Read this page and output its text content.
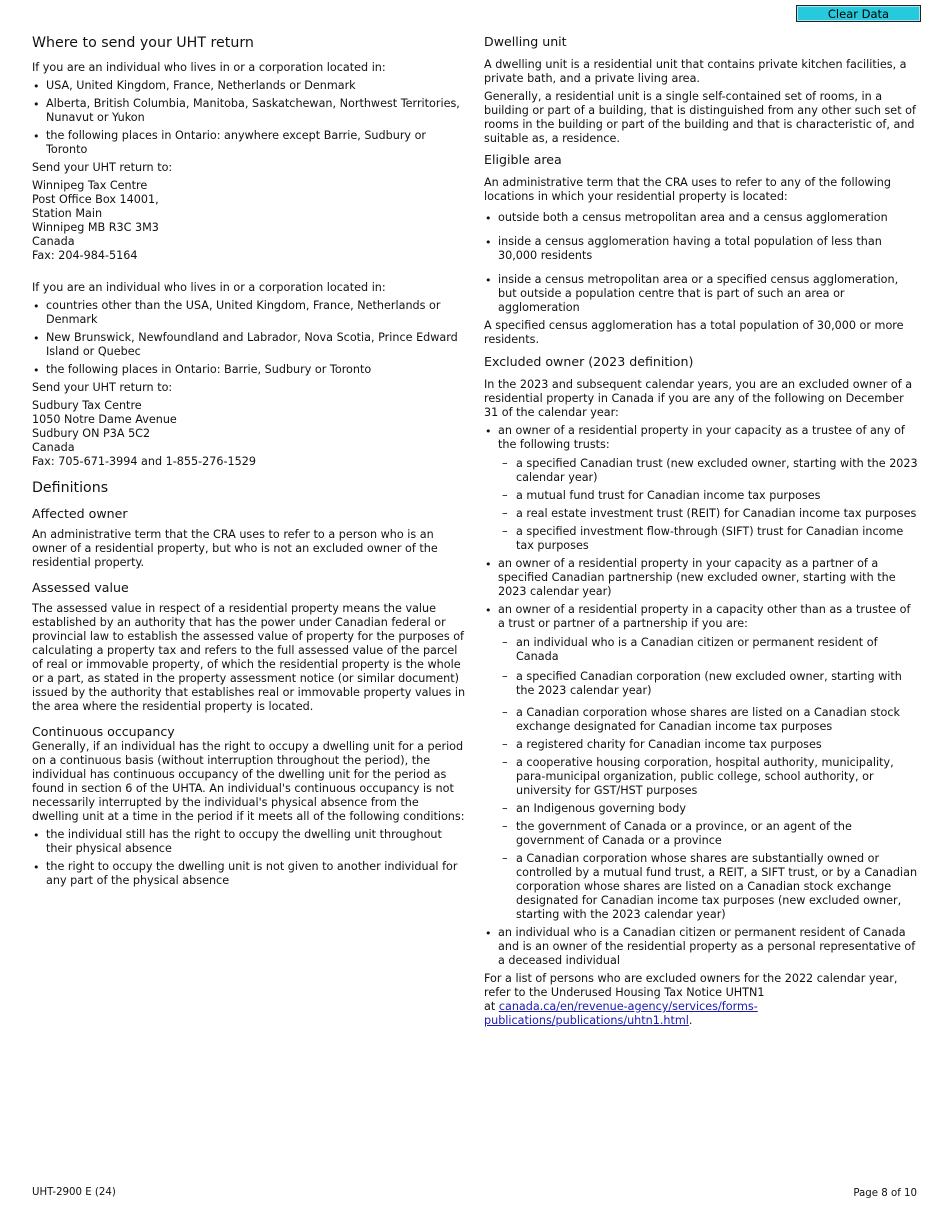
Clear Data
Where to send your UHT return

If you are an individual who lives in or a corporation located in:

• USA, United Kingdom, France, Netherlands or Denmark
• Alberta, British Columbia, Manitoba, Saskatchewan, Northwest Territories, Nunavut or Yukon
• the following places in Ontario: anywhere except Barrie, Sudbury or Toronto

Send your UHT return to:

Winnipeg Tax Centre
Post Office Box 14001,
Station Main
Winnipeg MB R3C 3M3
Canada
Fax: 204-984-5164

If you are an individual who lives in or a corporation located in:

• countries other than the USA, United Kingdom, France, Netherlands or Denmark
• New Brunswick, Newfoundland and Labrador, Nova Scotia, Prince Edward Island or Quebec
• the following places in Ontario: Barrie, Sudbury or Toronto

Send your UHT return to:

Sudbury Tax Centre
1050 Notre Dame Avenue
Sudbury ON P3A 5C2
Canada
Fax: 705-671-3994 and 1-855-276-1529
Definitions
Affected owner

An administrative term that the CRA uses to refer to a person who is an owner of a residential property, but who is not an excluded owner of the residential property.

Assessed value

The assessed value in respect of a residential property means the value established by an authority that has the power under Canadian federal or provincial law to establish the assessed value of property for the purposes of calculating a property tax and refers to the full assessed value of the parcel of real or immovable property, of which the residential property is the whole or a part, as stated in the property assessment notice (or similar document) issued by the authority that establishes real or immovable property values in the area where the residential property is located.

Continuous occupancy

Generally, if an individual has the right to occupy a dwelling unit for a period on a continuous basis (without interruption throughout the period), the individual has continuous occupancy of the dwelling unit for the period as found in section 6 of the UHTA. An individual's continuous occupancy is not necessarily interrupted by the individual's physical absence from the dwelling unit at a time in the period if it meets all of the following conditions:

• the individual still has the right to occupy the dwelling unit throughout their physical absence
• the right to occupy the dwelling unit is not given to another individual for any part of the physical absence
Dwelling unit

A dwelling unit is a residential unit that contains private kitchen facilities, a private bath, and a private living area.

Generally, a residential unit is a single self-contained set of rooms, in a building or part of a building, that is distinguished from any other such set of rooms in the building or part of the building and that is characteristic of, and suitable as, a residence.

Eligible area

An administrative term that the CRA uses to refer to any of the following locations in which your residential property is located:

• outside both a census metropolitan area and a census agglomeration
• inside a census agglomeration having a total population of less than 30,000 residents
• inside a census metropolitan area or a specified census agglomeration, but outside a population centre that is part of such an area or agglomeration

A specified census agglomeration has a total population of 30,000 or more residents.

Excluded owner (2023 definition)

In the 2023 and subsequent calendar years, you are an excluded owner of a residential property in Canada if you are any of the following on December 31 of the calendar year:

• an owner of a residential property in your capacity as a trustee of any of the following trusts:
– a specified Canadian trust (new excluded owner, starting with the 2023 calendar year)
– a mutual fund trust for Canadian income tax purposes
– a real estate investment trust (REIT) for Canadian income tax purposes
– a specified investment flow-through (SIFT) trust for Canadian income tax purposes
• an owner of a residential property in your capacity as a partner of a specified Canadian partnership (new excluded owner, starting with the 2023 calendar year)
• an owner of a residential property in a capacity other than as a trustee of a trust or partner of a partnership if you are:
– an individual who is a Canadian citizen or permanent resident of Canada
– a specified Canadian corporation (new excluded owner, starting with the 2023 calendar year)
– a Canadian corporation whose shares are listed on a Canadian stock exchange designated for Canadian income tax purposes
– a registered charity for Canadian income tax purposes
– a cooperative housing corporation, hospital authority, municipality, para-municipal organization, public college, school authority, or university for GST/HST purposes
– an Indigenous governing body
– the government of Canada or a province, or an agent of the government of Canada or a province
– a Canadian corporation whose shares are substantially owned or controlled by a mutual fund trust, a REIT, a SIFT trust, or by a Canadian corporation whose shares are listed on a Canadian stock exchange designated for Canadian income tax purposes (new excluded owner, starting with the 2023 calendar year)
• an individual who is a Canadian citizen or permanent resident of Canada and is an owner of the residential property as a personal representative of a deceased individual

For a list of persons who are excluded owners for the 2022 calendar year, refer to the Underused Housing Tax Notice UHTN1
at canada.ca/en/revenue-agency/services/forms-publications/publications/uhtn1.html.

UHT-2900 E (24)	Page 8 of 10
